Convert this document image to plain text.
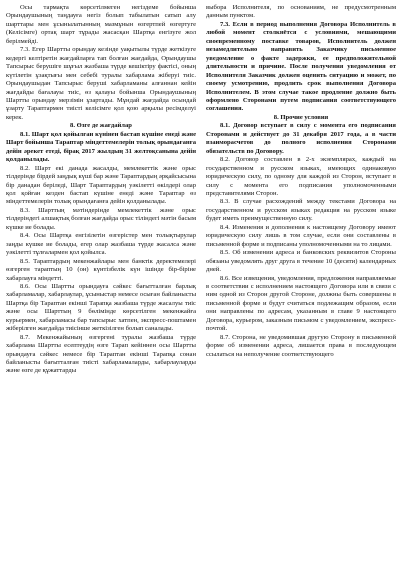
Осы тармақта көрсетілмеген негіздеме бойынша Орындаушының таңдауға негіз болып табылатын сатып алу шарттары мен ұсынылатынның мазмұнын өзгертпей өзгертуге (Келісімге) ортақ шарт тұрады жасасқан Шартқа енгізуге жол берілмейді.

7.3. Егер Шартты орындау кезінде уақытылы түрде жеткізуге кедергі келтіретін жағдайларға тап болған жағдайда, Орындаушы Тапсырыс берушіге шұғыл жазбаша түрде кешіктіру фактісі, оның күтілетін ұзақтығы мен себебі туралы хабарлама жіберуі тиіс. Орындаушыдан Тапсырыс беруші хабарламаны алғаннан кейін жағдайды бағалауы тиіс, өз қалауы бойынша Орындаушының Шартты орындау мерзімін ұзартады. Мұндай жағдайда осындай ұзарту Тараптармен тиісті келісімге қол қою арқылы ресімделуі керек.

8. Өзге де жағдайлар

8.1. Шарт қол қойылған күнінен бастап күшіне енеді және Шарт бойынша Тараптар міндеттемелерін толық орындағанға дейін әрекет етеді, бірақ 2017 жылдың 31 желтоқсанына дейін қолданылады.

8.2. Шарт екі данада жасалды, мемлекеттік және орыс тілдерінде бірдей заңдық күші бар және Тараптардың әрқайсысына бір данадан беріледі, Шарт Тараптардың уәкілетті өкілдері олар қол қойған кезден бастап күшіне енеді және Тараптар өз міндеттемелерін толық орындағанға дейін қолданылады.

8.3. Шарттың мәтіндерінде мемлекеттік және орыс тілдеріндегі алшақтық болған жағдайда орыс тіліндегі мәтін басым күшке ие болады.

8.4. Осы Шартқа енгізілетін өзгерістер мен толықтырулар заңды күшке ие болады, егер олар жазбаша түрде жасалса және уәкілетті тұлғалармен қол қойылса.

8.5. Тараптардың мекенжайлары мен банктік деректемелері өзгерген тараптың 10 (он) күнтізбелік күн ішінде бір-біріне хабарлауға міндетті.

8.6. Осы Шартты орындауға сәйкес бағытталған барлық хабарламалар, хабарлаулар, ұсыныстар немесе осыған байланысты Шартқа бір Тараптан екінші Тарапқа жазбаша түрде жасалуы тиіс және осы Шарттың 9 бөлімінде көрсетілген мекенжайға курьермен, хабарламасы бар тапсырыс хатпен, экспресс-поштамен жіберілген жағдайда тиісінше жеткізілген болып саналады.

8.7. Мекенжайының өзгергені туралы жазбаша түрде хабарлама Шартты есептеудің өзге Тарап кейіннен осы Шартты орындауға сәйкес немесе бір Тараптан екінші Тарапқа сонан байланысты бағытталған тиісті хабарламаларды, хабарлауларды және өзге де құжаттарды

выбора Исполнителя, по основаниям, не предусмотренным данным пунктом.

7.3. Если в период выполнения Договора Исполнитель в любой момент столкнётся с условиями, мешающими своевременному поставке товаров, Исполнитель должен незамедлительно направить Заказчику письменное уведомление о факте задержки, ее предположительной длительности и причине. После получения уведомления от Исполнителя Заказчик должен оценить ситуацию и может, по своему усмотрению, продлить срок выполнения Договора Исполнителем. В этом случае такое продление должно быть оформлено Сторонами путем подписания соответствующего соглашения.

8. Прочие условия

8.1. Договор вступает в силу с момента его подписания Сторонами и действует до 31 декабря 2017 года, а в части взаиморасчетов до полного исполнения Сторонами обязательств по Договору.

8.2. Договор составлен в 2-х экземплярах, каждый на государственном и русском языках, имеющих одинаковую юридическую силу, по одному для каждой из Сторон, вступает в силу с момента его подписания уполномоченными представителями Сторон.

8.3. В случае расхождений между текстами Договора на государственном и русском языках редакция на русском языке будет иметь преимущественную силу.

8.4. Изменения и дополнения к настоящему Договору имеют юридическую силу лишь в том случае, если они составлены в письменной форме и подписаны уполномоченными на то лицами.

8.5. Об изменении адреса и банковских реквизитов Стороны обязаны уведомлять друг друга в течение 10 (десяти) календарных дней.

8.6. Все извещения, уведомления, предложения направляемые в соответствии с исполнением настоящего Договора или в связи с ним одной из Сторон другой Стороне, должны быть совершены в письменной форме и будут считаться подлежащим образом, если они направлены по адресам, указанным в главе 9 настоящего Договора, курьером, заказным письмом с уведомлением, экспресс-почтой.

8.7. Сторона, не уведомившая другую Сторону в письменной форме об изменении адреса, лишается права в последующем ссылаться на неполучение соответствующего
